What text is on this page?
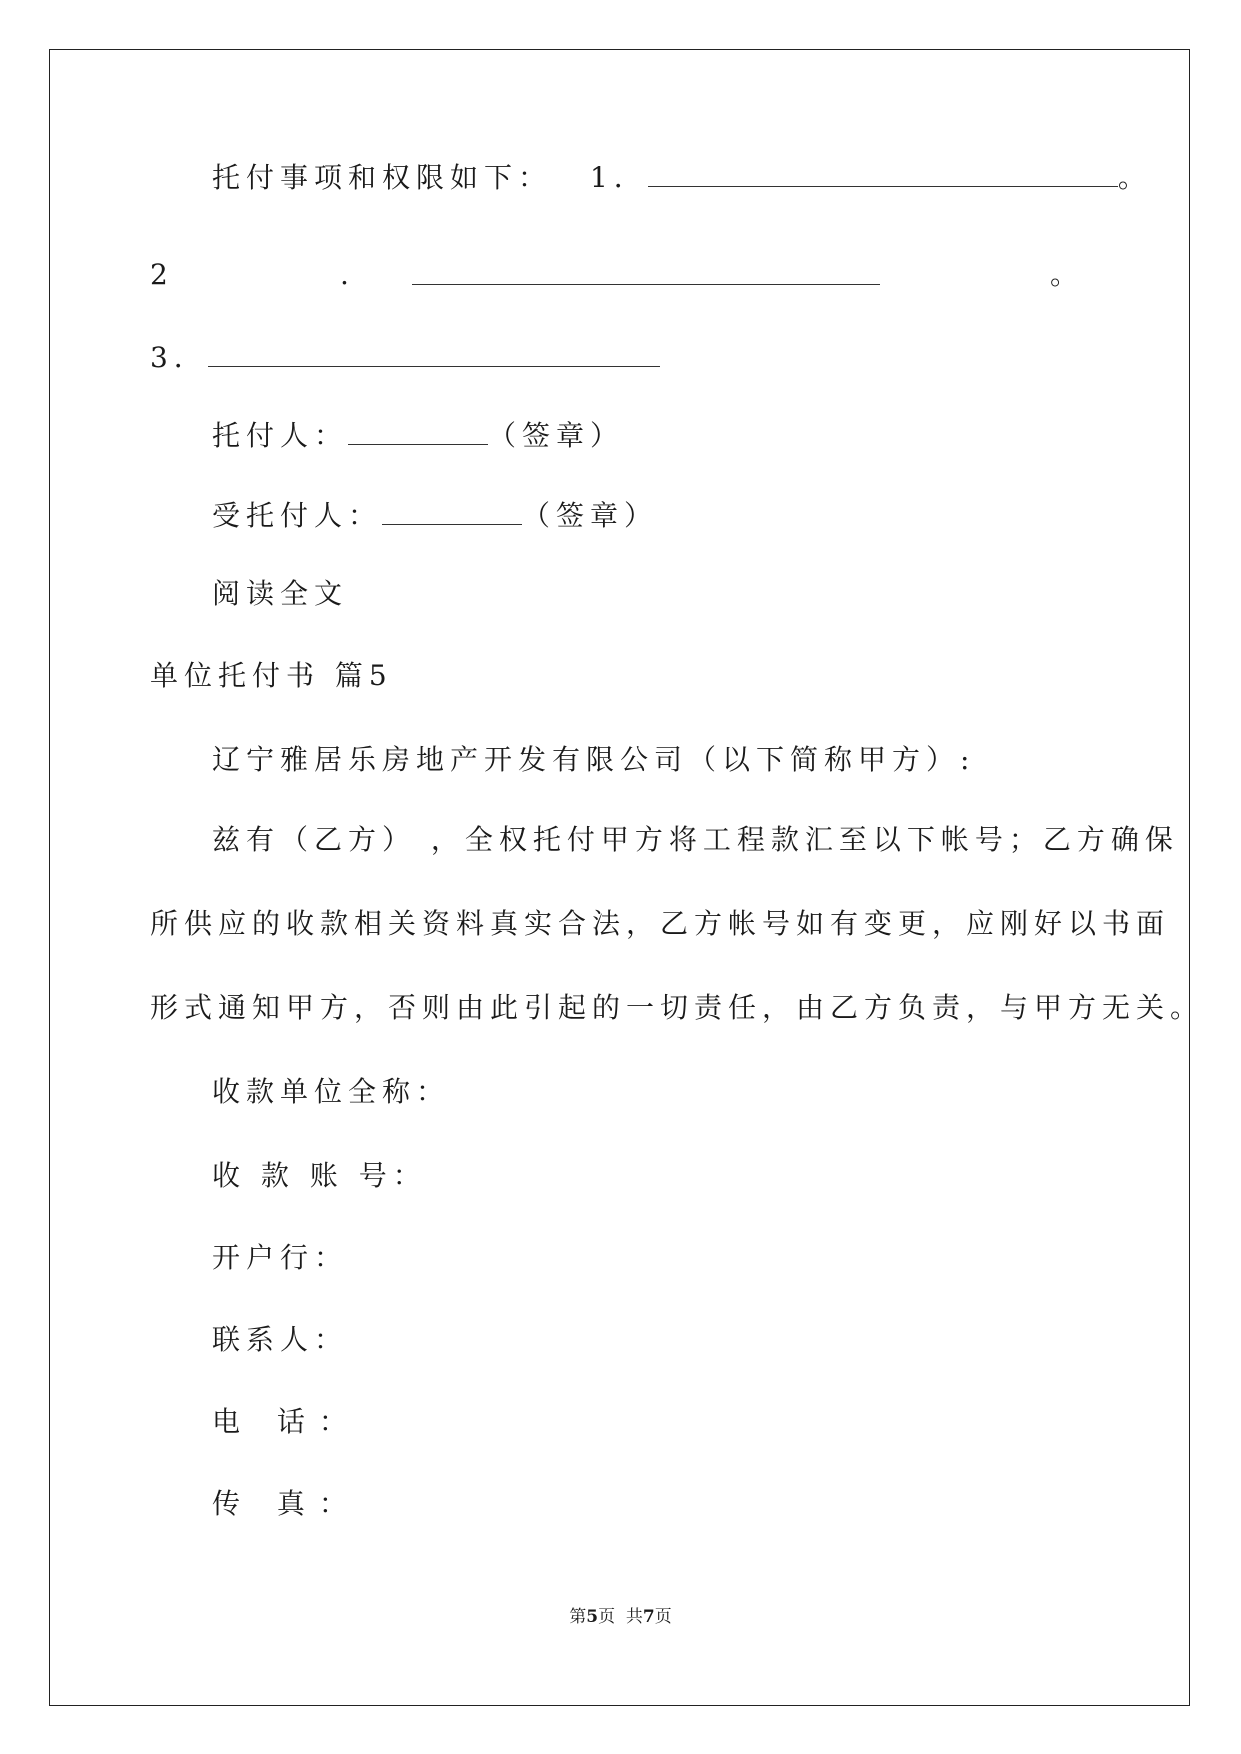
托付事项和权限如下： 1．	。
2	.	。
3．
托付人：	（签章）
受托付人：	（签章）
阅读全文
单位托付书 篇5
辽宁雅居乐房地产开发有限公司（以下简称甲方）:
兹有（乙方） ，全权托付甲方将工程款汇至以下帐号；乙方确保
所供应的收款相关资料真实合法，乙方帐号如有变更，应刚好以书面
形式通知甲方，否则由此引起的一切责任，由乙方负责，与甲方无关。
收款单位全称：
收 款 账 号：
开户行：
联系人：
电 话：
传 真：
第5页  共7页
